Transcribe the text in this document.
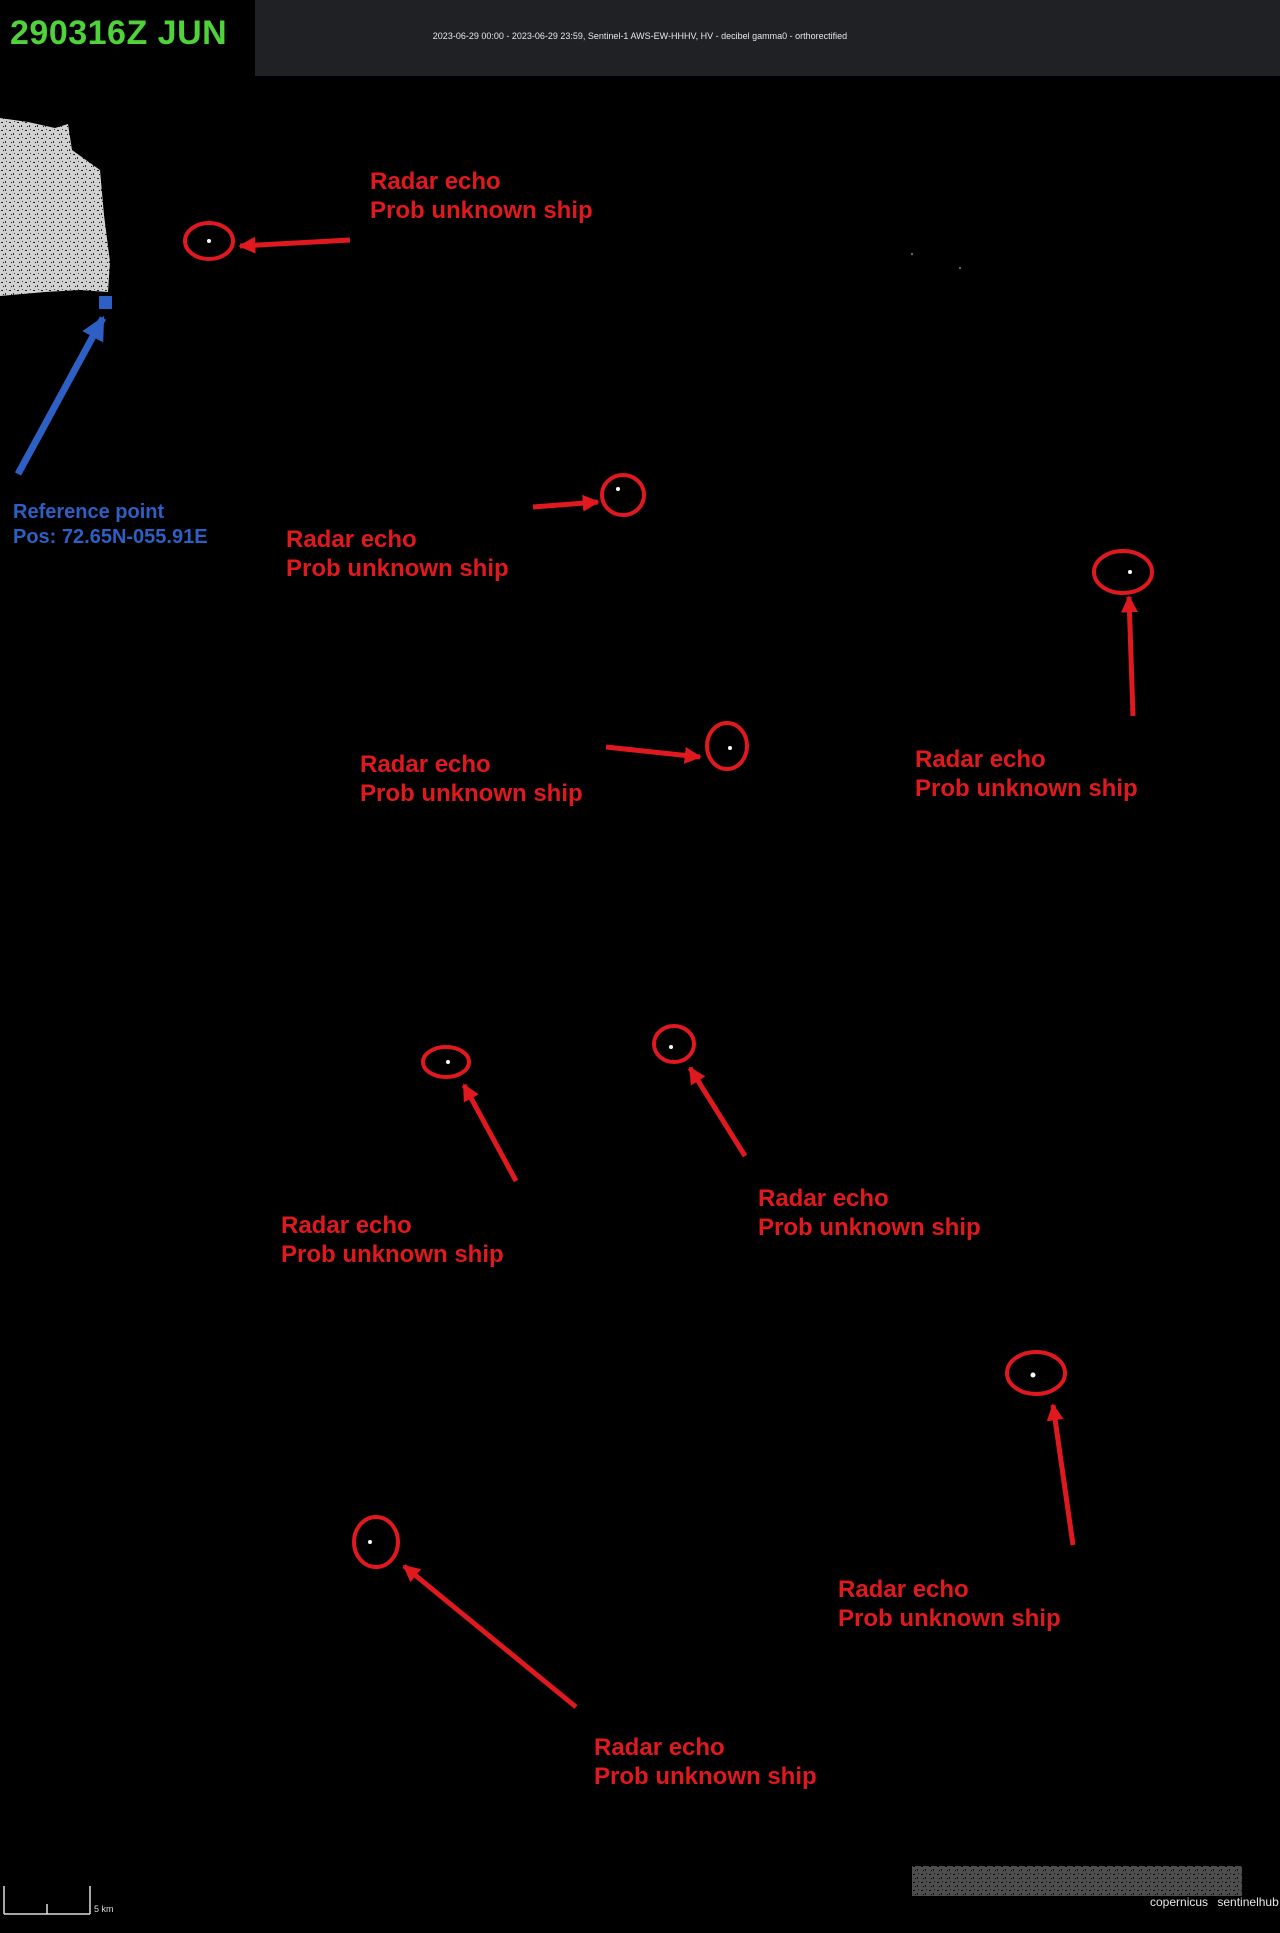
290316Z JUN	2023-06-29 00:00 - 2023-06-29 23:59, Sentinel-1 AWS-EW-HHHV, HV - decibel gamma0 - orthorectified
Reference point
Pos: 72.65N-055.91E
Radar echo
Prob unknown ship
Radar echo
Prob unknown ship
Radar echo
Prob unknown ship
Radar echo
Prob unknown ship
Radar echo
Prob unknown ship
Radar echo
Prob unknown ship
Radar echo
Prob unknown ship
Radar echo
Prob unknown ship
5 km	copernicus sentinelhub
